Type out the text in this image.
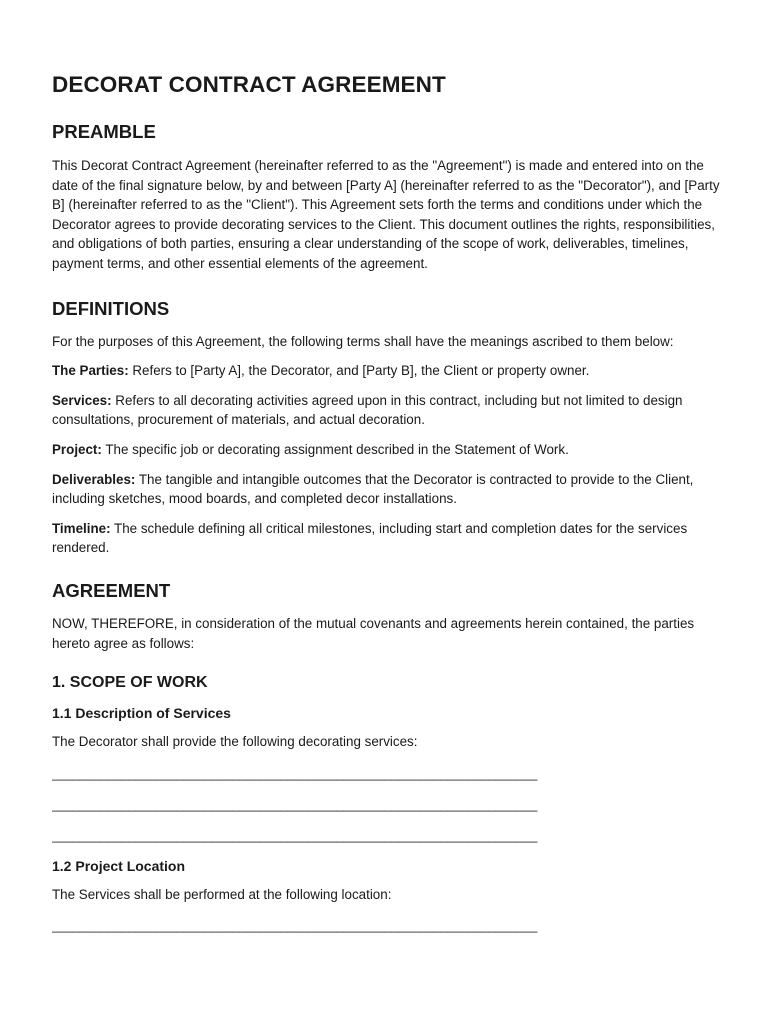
DECORAT CONTRACT AGREEMENT
PREAMBLE

This Decorat Contract Agreement (hereinafter referred to as the "Agreement") is made and entered into on the date of the final signature below, by and between [Party A] (hereinafter referred to as the "Decorator"), and [Party B] (hereinafter referred to as the "Client"). This Agreement sets forth the terms and conditions under which the Decorator agrees to provide decorating services to the Client. This document outlines the rights, responsibilities, and obligations of both parties, ensuring a clear understanding of the scope of work, deliverables, timelines, payment terms, and other essential elements of the agreement.

DEFINITIONS

For the purposes of this Agreement, the following terms shall have the meanings ascribed to them below:

The Parties: Refers to [Party A], the Decorator, and [Party B], the Client or property owner.

Services: Refers to all decorating activities agreed upon in this contract, including but not limited to design consultations, procurement of materials, and actual decoration.

Project: The specific job or decorating assignment described in the Statement of Work.

Deliverables: The tangible and intangible outcomes that the Decorator is contracted to provide to the Client, including sketches, mood boards, and completed decor installations.

Timeline: The schedule defining all critical milestones, including start and completion dates for the services rendered.

AGREEMENT

NOW, THEREFORE, in consideration of the mutual covenants and agreements herein contained, the parties hereto agree as follows:

1. SCOPE OF WORK
1.1 Description of Services

The Decorator shall provide the following decorating services:

______________________________________________________________________

______________________________________________________________________

______________________________________________________________________

1.2 Project Location

The Services shall be performed at the following location:

______________________________________________________________________
